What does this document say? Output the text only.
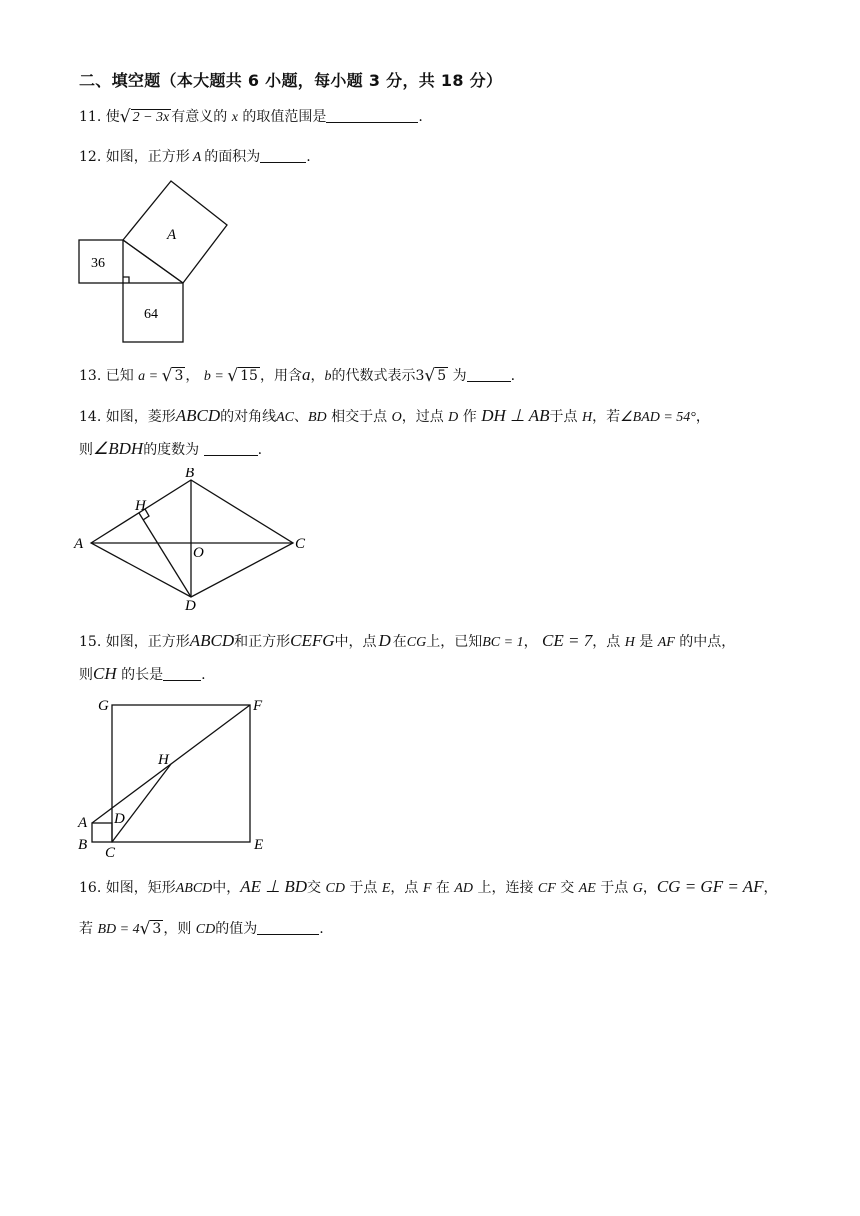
二、填空题（本大题共 6 小题，每小题 3 分，共 18 分）
11. 使√ 2 − 3x 有意义的 x 的取值范围是	.
12. 如图，正方形 A 的面积为	.
A
36
64
13. 已知 a = √ 3 ， b = √ 15 ，用含a，b的代数式表示3√ 5 为	.
14. 如图，菱形ABCD的对角线AC、BD 相交于点 O，过点 D 作 DH ⊥ AB于点 H，若∠BAD = 54°，
则∠BDH的度数为	.
A
B
C
D
O
H
15. 如图，正方形ABCD和正方形CEFG中，点 D 在CG上，已知BC = 1， CE = 7，点 H 是 AF 的中点，
则CH 的长是	.
G	F
H
A D
B C	E
16. 如图，矩形ABCD中，AE ⊥ BD交 CD 于点 E，点 F 在 AD 上，连接 CF 交 AE 于点 G，CG = GF = AF，
若 BD = 4√ 3 ，则 CD的值为	.
